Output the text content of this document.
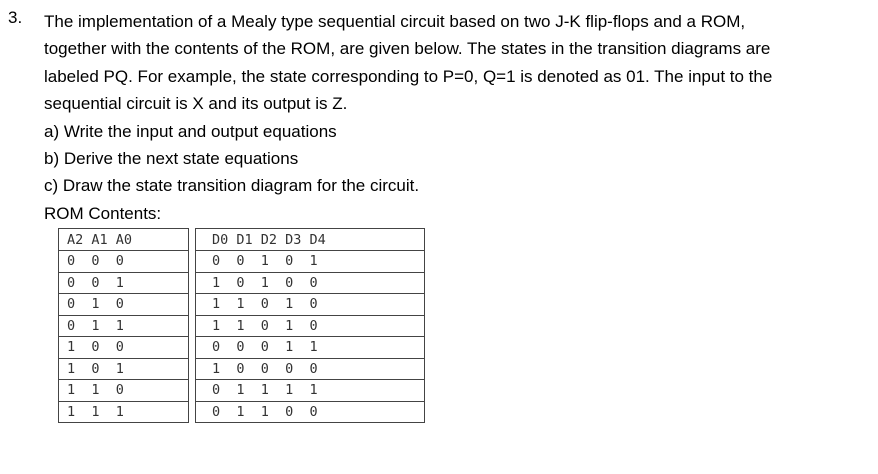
3. The implementation of a Mealy type sequential circuit based on two J-K flip-flops and a ROM,
together with the contents of the ROM, are given below. The states in the transition diagrams are
labeled PQ. For example, the state corresponding to P=0, Q=1 is denoted as 01. The input to the
sequential circuit is X and its output is Z.
a) Write the input and output equations
b) Derive the next state equations
c) Draw the state transition diagram for the circuit.
ROM Contents:
A2 A1 A0		D0 D1 D2 D3 D4
0  0  0		0  0  1  0  1
0  0  1		1  0  1  0  0
0  1  0		1  1  0  1  0
0  1  1		1  1  0  1  0
1  0  0		0  0  0  1  1
1  0  1		1  0  0  0  0
1  1  0		0  1  1  1  1
1  1  1		0  1  1  0  0
